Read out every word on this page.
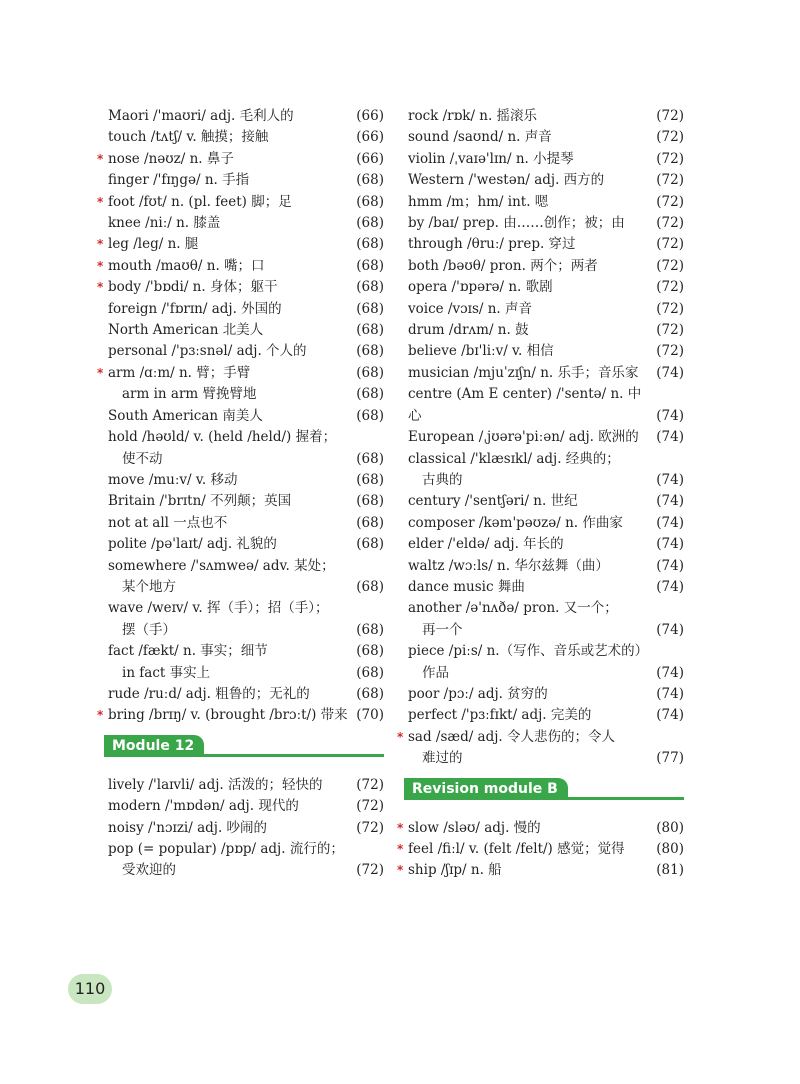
Maori /'maʊri/ adj. 毛利人的	(66)
touch /tʌtʃ/ v. 触摸；接触	(66)
* nose /nəʊz/ n. 鼻子	(66)
finger /'fɪŋgə/ n. 手指	(68)
* foot /fʊt/ n. (pl. feet) 脚；足	(68)
knee /niː/ n. 膝盖	(68)
* leg /leg/ n. 腿	(68)
* mouth /maʊθ/ n. 嘴；口	(68)
* body /'bɒdi/ n. 身体；躯干	(68)
foreign /'fɒrɪn/ adj. 外国的	(68)
North American 北美人	(68)
personal /'pɜːsnəl/ adj. 个人的	(68)
* arm /ɑːm/ n. 臂；手臂	(68)
arm in arm 臂挽臂地	(68)
South American 南美人	(68)
hold /həʊld/ v. (held /held/) 握着；
使不动	(68)
move /muːv/ v. 移动	(68)
Britain /'brɪtn/ 不列颠；英国	(68)
not at all 一点也不	(68)
polite /pə'laɪt/ adj. 礼貌的	(68)
somewhere /'sʌmweə/ adv. 某处；
某个地方	(68)
wave /weɪv/ v. 挥（手）；招（手）；
摆（手）	(68)
fact /fækt/ n. 事实；细节	(68)
in fact 事实上	(68)
rude /ruːd/ adj. 粗鲁的；无礼的	(68)
* bring /brɪŋ/ v. (brought /brɔːt/) 带来 (70)
Module 12
lively /'laɪvli/ adj. 活泼的；轻快的	(72)
modern /'mɒdən/ adj. 现代的	(72)
noisy /'nɔɪzi/ adj. 吵闹的	(72)
pop (= popular) /pɒp/ adj. 流行的；
受欢迎的	(72)
rock /rɒk/ n. 摇滚乐	(72)
sound /saʊnd/ n. 声音	(72)
violin /ˌvaɪə'lɪn/ n. 小提琴	(72)
Western /'westən/ adj. 西方的	(72)
hmm /m；hm/ int. 嗯	(72)
by /baɪ/ prep. 由……创作；被；由	(72)
through /θruː/ prep. 穿过	(72)
both /bəʊθ/ pron. 两个；两者	(72)
opera /'ɒpərə/ n. 歌剧	(72)
voice /vɔɪs/ n. 声音	(72)
drum /drʌm/ n. 鼓	(72)
believe /bɪ'liːv/ v. 相信	(72)
musician /mjuˈzɪʃn/ n. 乐手；音乐家	(74)
centre (Am E center) /'sentə/ n. 中心	(74)
European /ˌjʊərə'piːən/ adj. 欧洲的	(74)
classical /'klæsɪkl/ adj. 经典的；
古典的	(74)
century /'sentʃəri/ n. 世纪	(74)
composer /kəm'pəʊzə/ n. 作曲家	(74)
elder /'eldə/ adj. 年长的	(74)
waltz /wɔːls/ n. 华尔兹舞（曲）	(74)
dance music 舞曲	(74)
another /ə'nʌðə/ pron. 又一个；
再一个	(74)
piece /piːs/ n.（写作、音乐或艺术的）
作品	(74)
poor /pɔː/ adj. 贫穷的	(74)
perfect /'pɜːfɪkt/ adj. 完美的	(74)
* sad /sæd/ adj. 令人悲伤的；令人
难过的	(77)
Revision module B
* slow /sləʊ/ adj. 慢的	(80)
* feel /fiːl/ v. (felt /felt/) 感觉；觉得	(80)
* ship /ʃɪp/ n. 船	(81)
110
